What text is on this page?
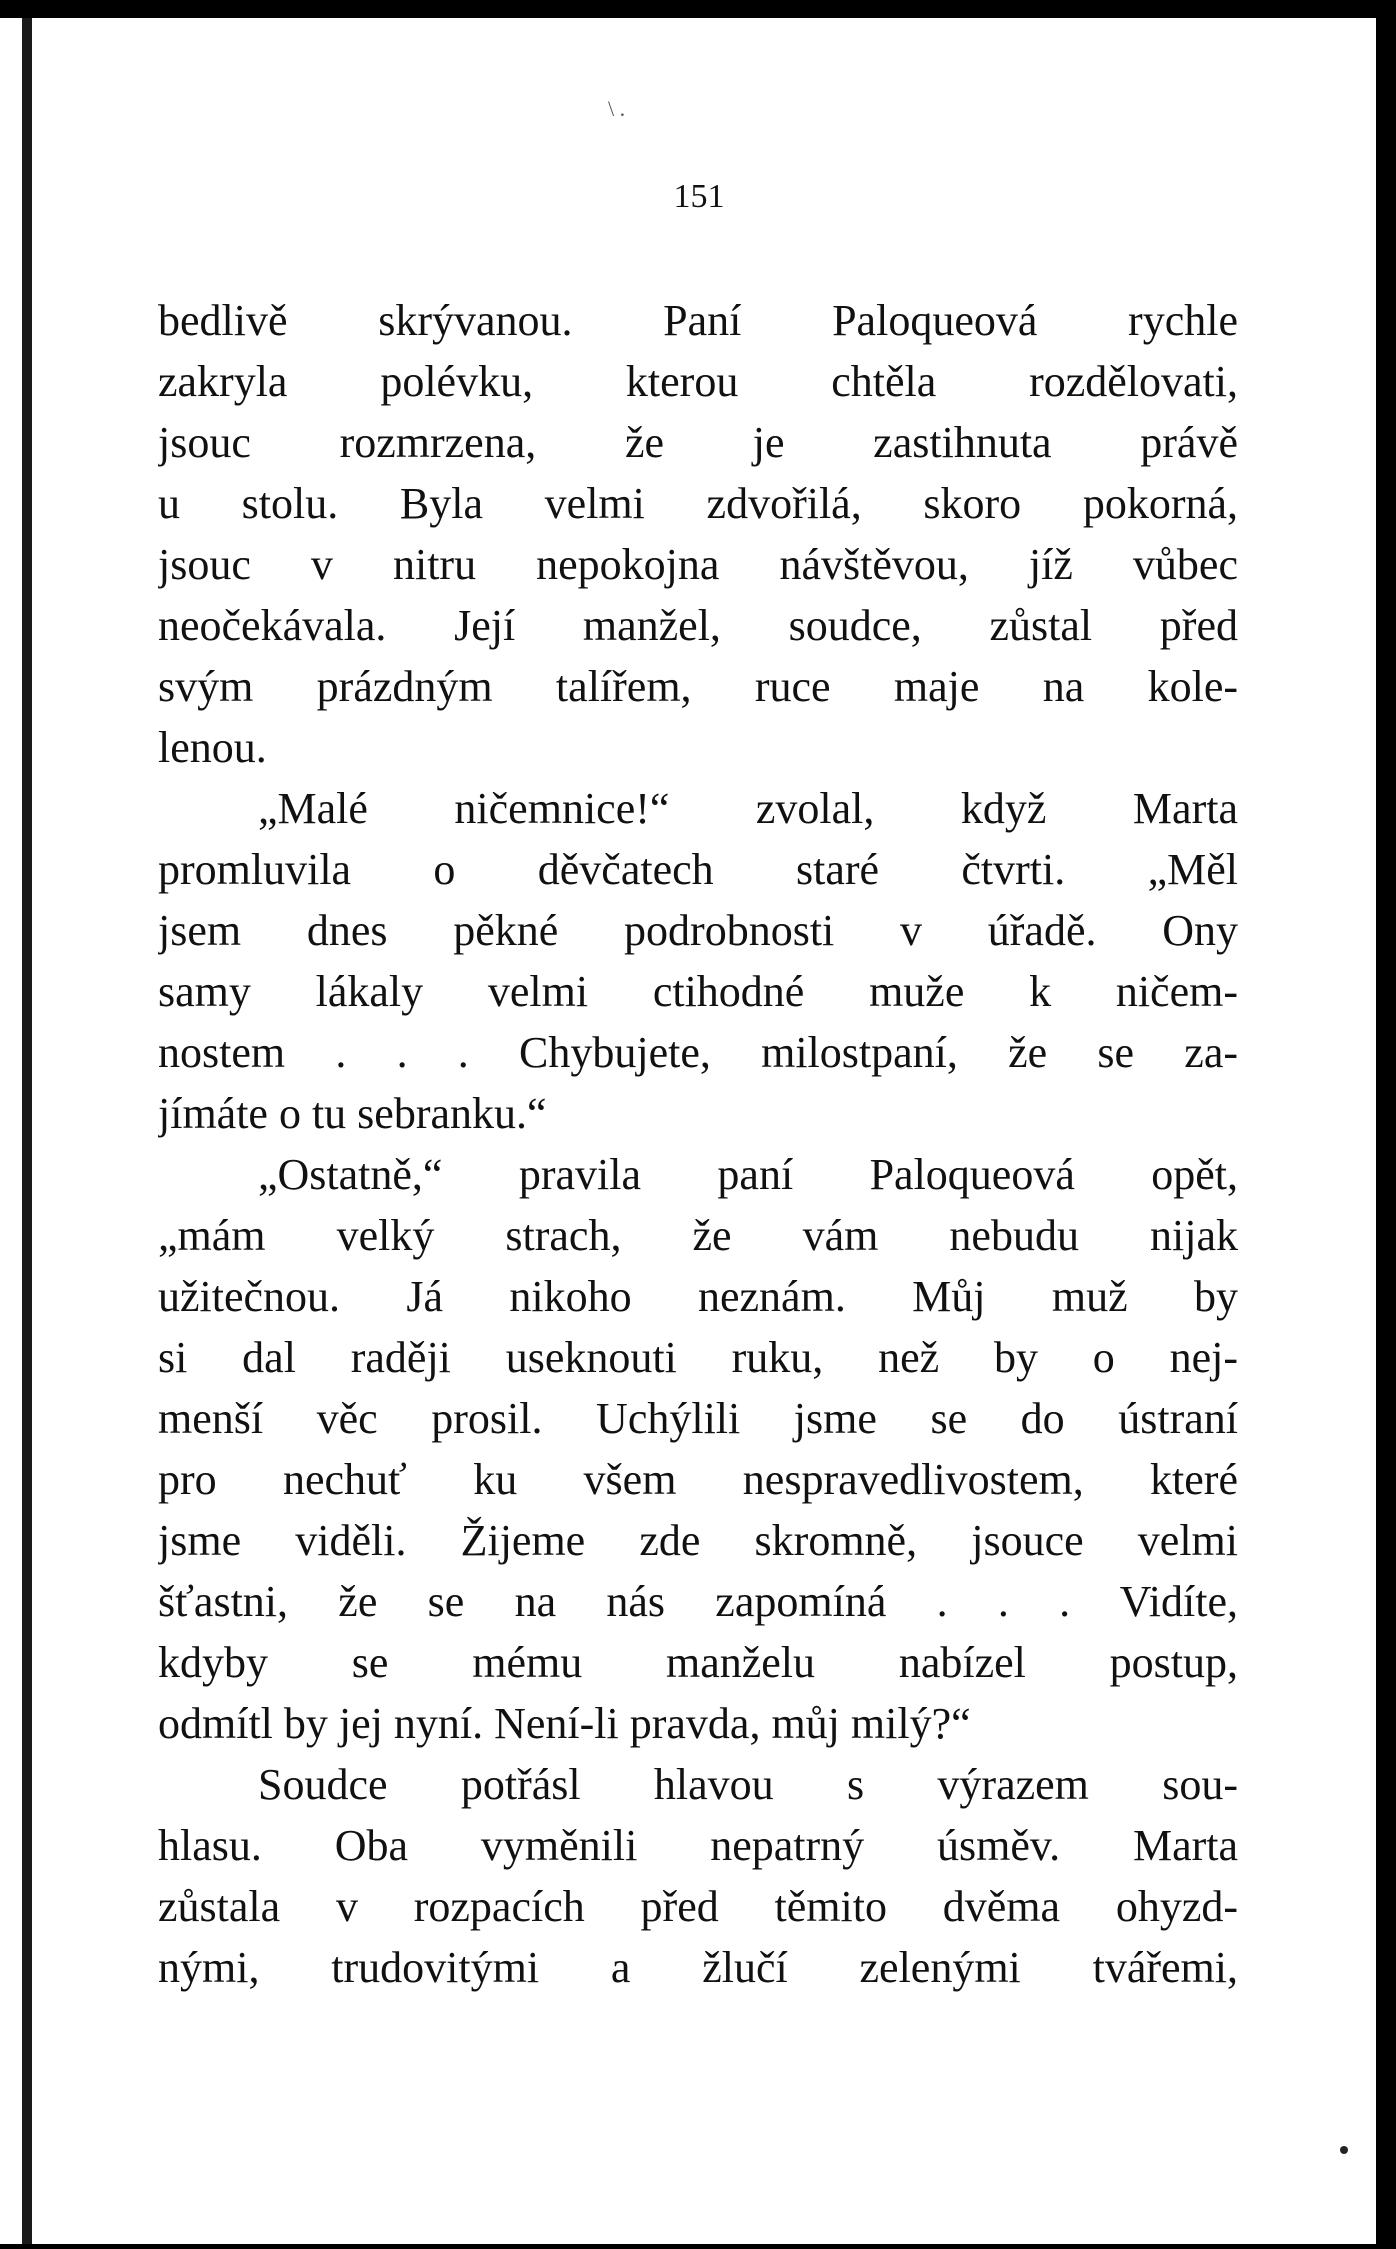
\ .
151
bedlivě skrývanou. Paní Paloqueová rychle
zakryla polévku, kterou chtěla rozdělovati,
jsouc rozmrzena, že je zastihnuta právě
u stolu. Byla velmi zdvořilá, skoro pokorná,
jsouc v nitru nepokojna návštěvou, jíž vůbec
neočekávala. Její manžel, soudce, zůstal před
svým prázdným talířem, ruce maje na kole-
lenou.
„Malé ničemnice!“ zvolal, když Marta
promluvila o děvčatech staré čtvrti. „Měl
jsem dnes pěkné podrobnosti v úřadě. Ony
samy lákaly velmi ctihodné muže k ničem-
nostem . . . Chybujete, milostpaní, že se za-
jímáte o tu sebranku.“
„Ostatně,“ pravila paní Paloqueová opět,
„mám velký strach, že vám nebudu nijak
užitečnou. Já nikoho neznám. Můj muž by
si dal raději useknouti ruku, než by o nej-
menší věc prosil. Uchýlili jsme se do ústraní
pro nechuť ku všem nespravedlivostem, které
jsme viděli. Žijeme zde skromně, jsouce velmi
šťastni, že se na nás zapomíná . . . Vidíte,
kdyby se mému manželu nabízel postup,
odmítl by jej nyní. Není-li pravda, můj milý?“
Soudce potřásl hlavou s výrazem sou-
hlasu. Oba vyměnili nepatrný úsměv. Marta
zůstala v rozpacích před těmito dvěma ohyzd-
nými, trudovitými a žlučí zelenými tvářemi,
